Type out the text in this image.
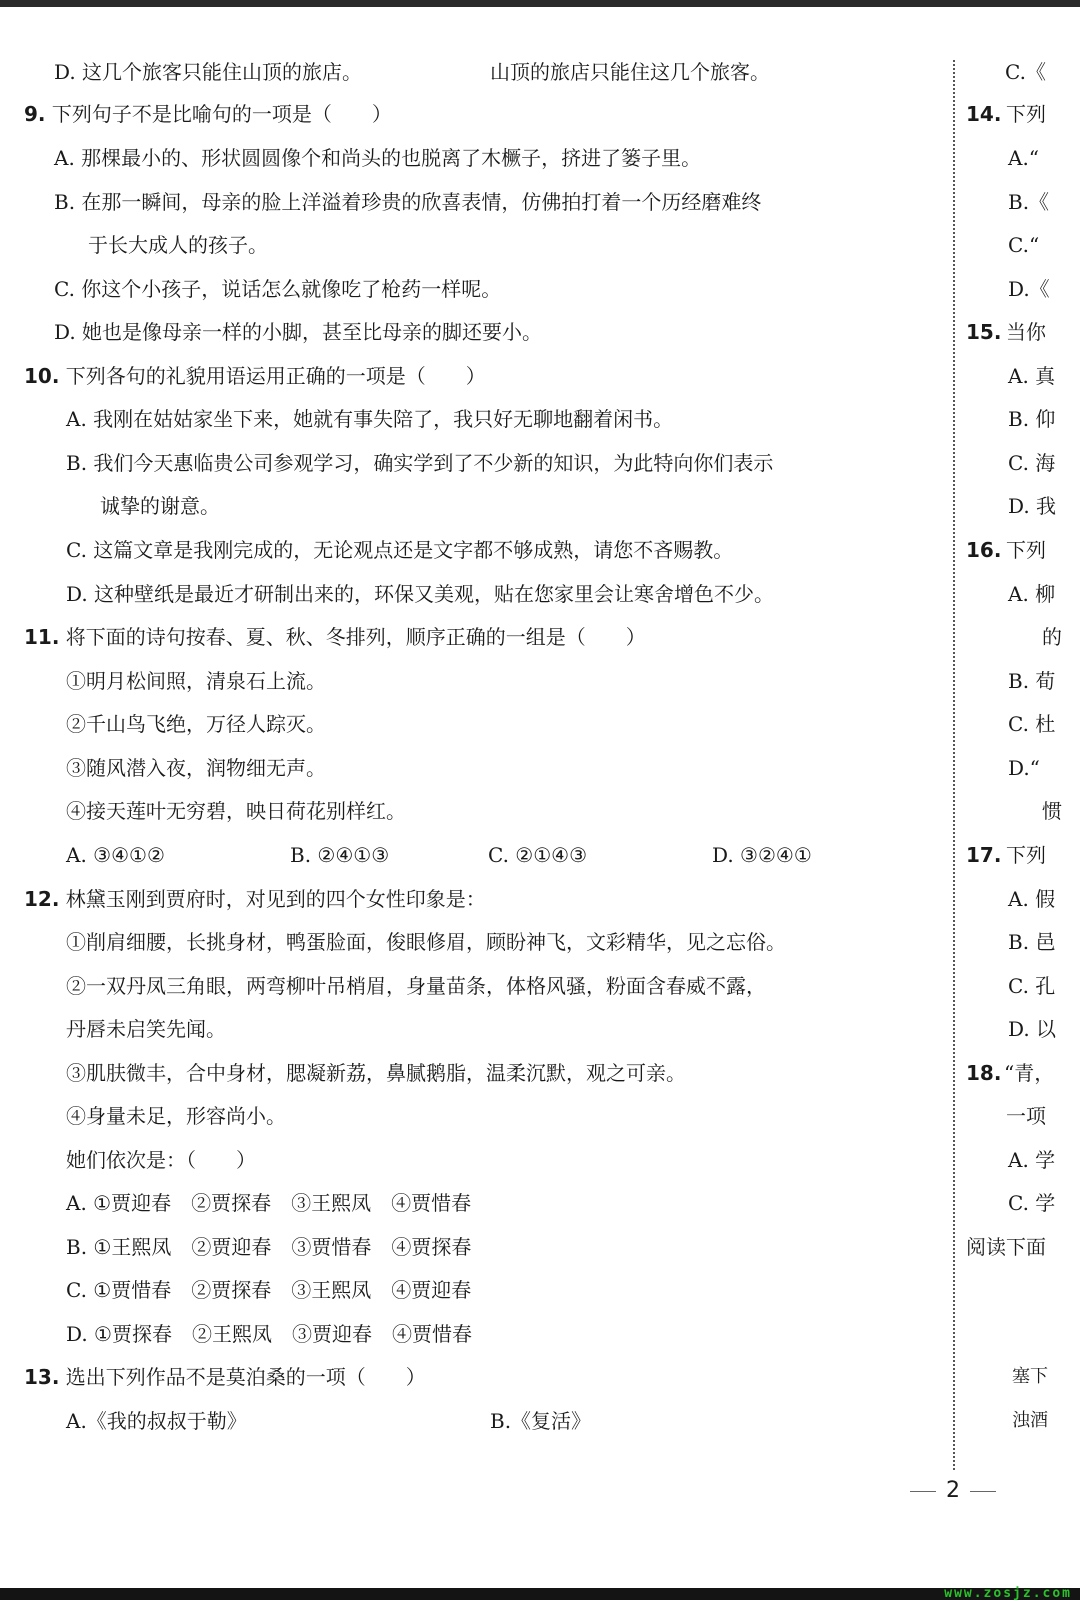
D. 这几个旅客只能住山顶的旅店。	山顶的旅店只能住这几个旅客。
9. 下列句子不是比喻句的一项是（　　）
A. 那棵最小的、形状圆圆像个和尚头的也脱离了木橛子，挤进了篓子里。
B. 在那一瞬间，母亲的脸上洋溢着珍贵的欣喜表情，仿佛拍打着一个历经磨难终
于长大成人的孩子。
C. 你这个小孩子，说话怎么就像吃了枪药一样呢。
D. 她也是像母亲一样的小脚，甚至比母亲的脚还要小。
10. 下列各句的礼貌用语运用正确的一项是（　　）
A. 我刚在姑姑家坐下来，她就有事失陪了，我只好无聊地翻着闲书。
B. 我们今天惠临贵公司参观学习，确实学到了不少新的知识，为此特向你们表示
诚挚的谢意。
C. 这篇文章是我刚完成的，无论观点还是文字都不够成熟，请您不吝赐教。
D. 这种壁纸是最近才研制出来的，环保又美观，贴在您家里会让寒舍增色不少。
11. 将下面的诗句按春、夏、秋、冬排列，顺序正确的一组是（　　）
①明月松间照，清泉石上流。
②千山鸟飞绝，万径人踪灭。
③随风潜入夜，润物细无声。
④接天莲叶无穷碧，映日荷花别样红。
A. ③④①②	B. ②④①③	C. ②①④③	D. ③②④①
12. 林黛玉刚到贾府时，对见到的四个女性印象是：
①削肩细腰，长挑身材，鸭蛋脸面，俊眼修眉，顾盼神飞，文彩精华，见之忘俗。
②一双丹凤三角眼，两弯柳叶吊梢眉，身量苗条，体格风骚，粉面含春威不露，
丹唇未启笑先闻。
③肌肤微丰，合中身材，腮凝新荔，鼻腻鹅脂，温柔沉默，观之可亲。
④身量未足，形容尚小。
她们依次是：（　　）
A. ①贾迎春　②贾探春　③王熙凤　④贾惜春
B. ①王熙凤　②贾迎春　③贾惜春　④贾探春
C. ①贾惜春　②贾探春　③王熙凤　④贾迎春
D. ①贾探春　②王熙凤　③贾迎春　④贾惜春
13. 选出下列作品不是莫泊桑的一项（　　）
A.《我的叔叔于勒》	B.《复活》
C.《
14. 下列
A.“
B.《
C.“
D.《
15. 当你
A. 真
B. 仰
C. 海
D. 我
16. 下列
A. 柳
的
B. 荀
C. 杜
D.“
惯
17. 下列
A. 假
B. 邑
C. 孔
D. 以
18. “青，
一项
A. 学
C. 学
阅读下面
塞下
浊酒
2
www.zosjz.com
